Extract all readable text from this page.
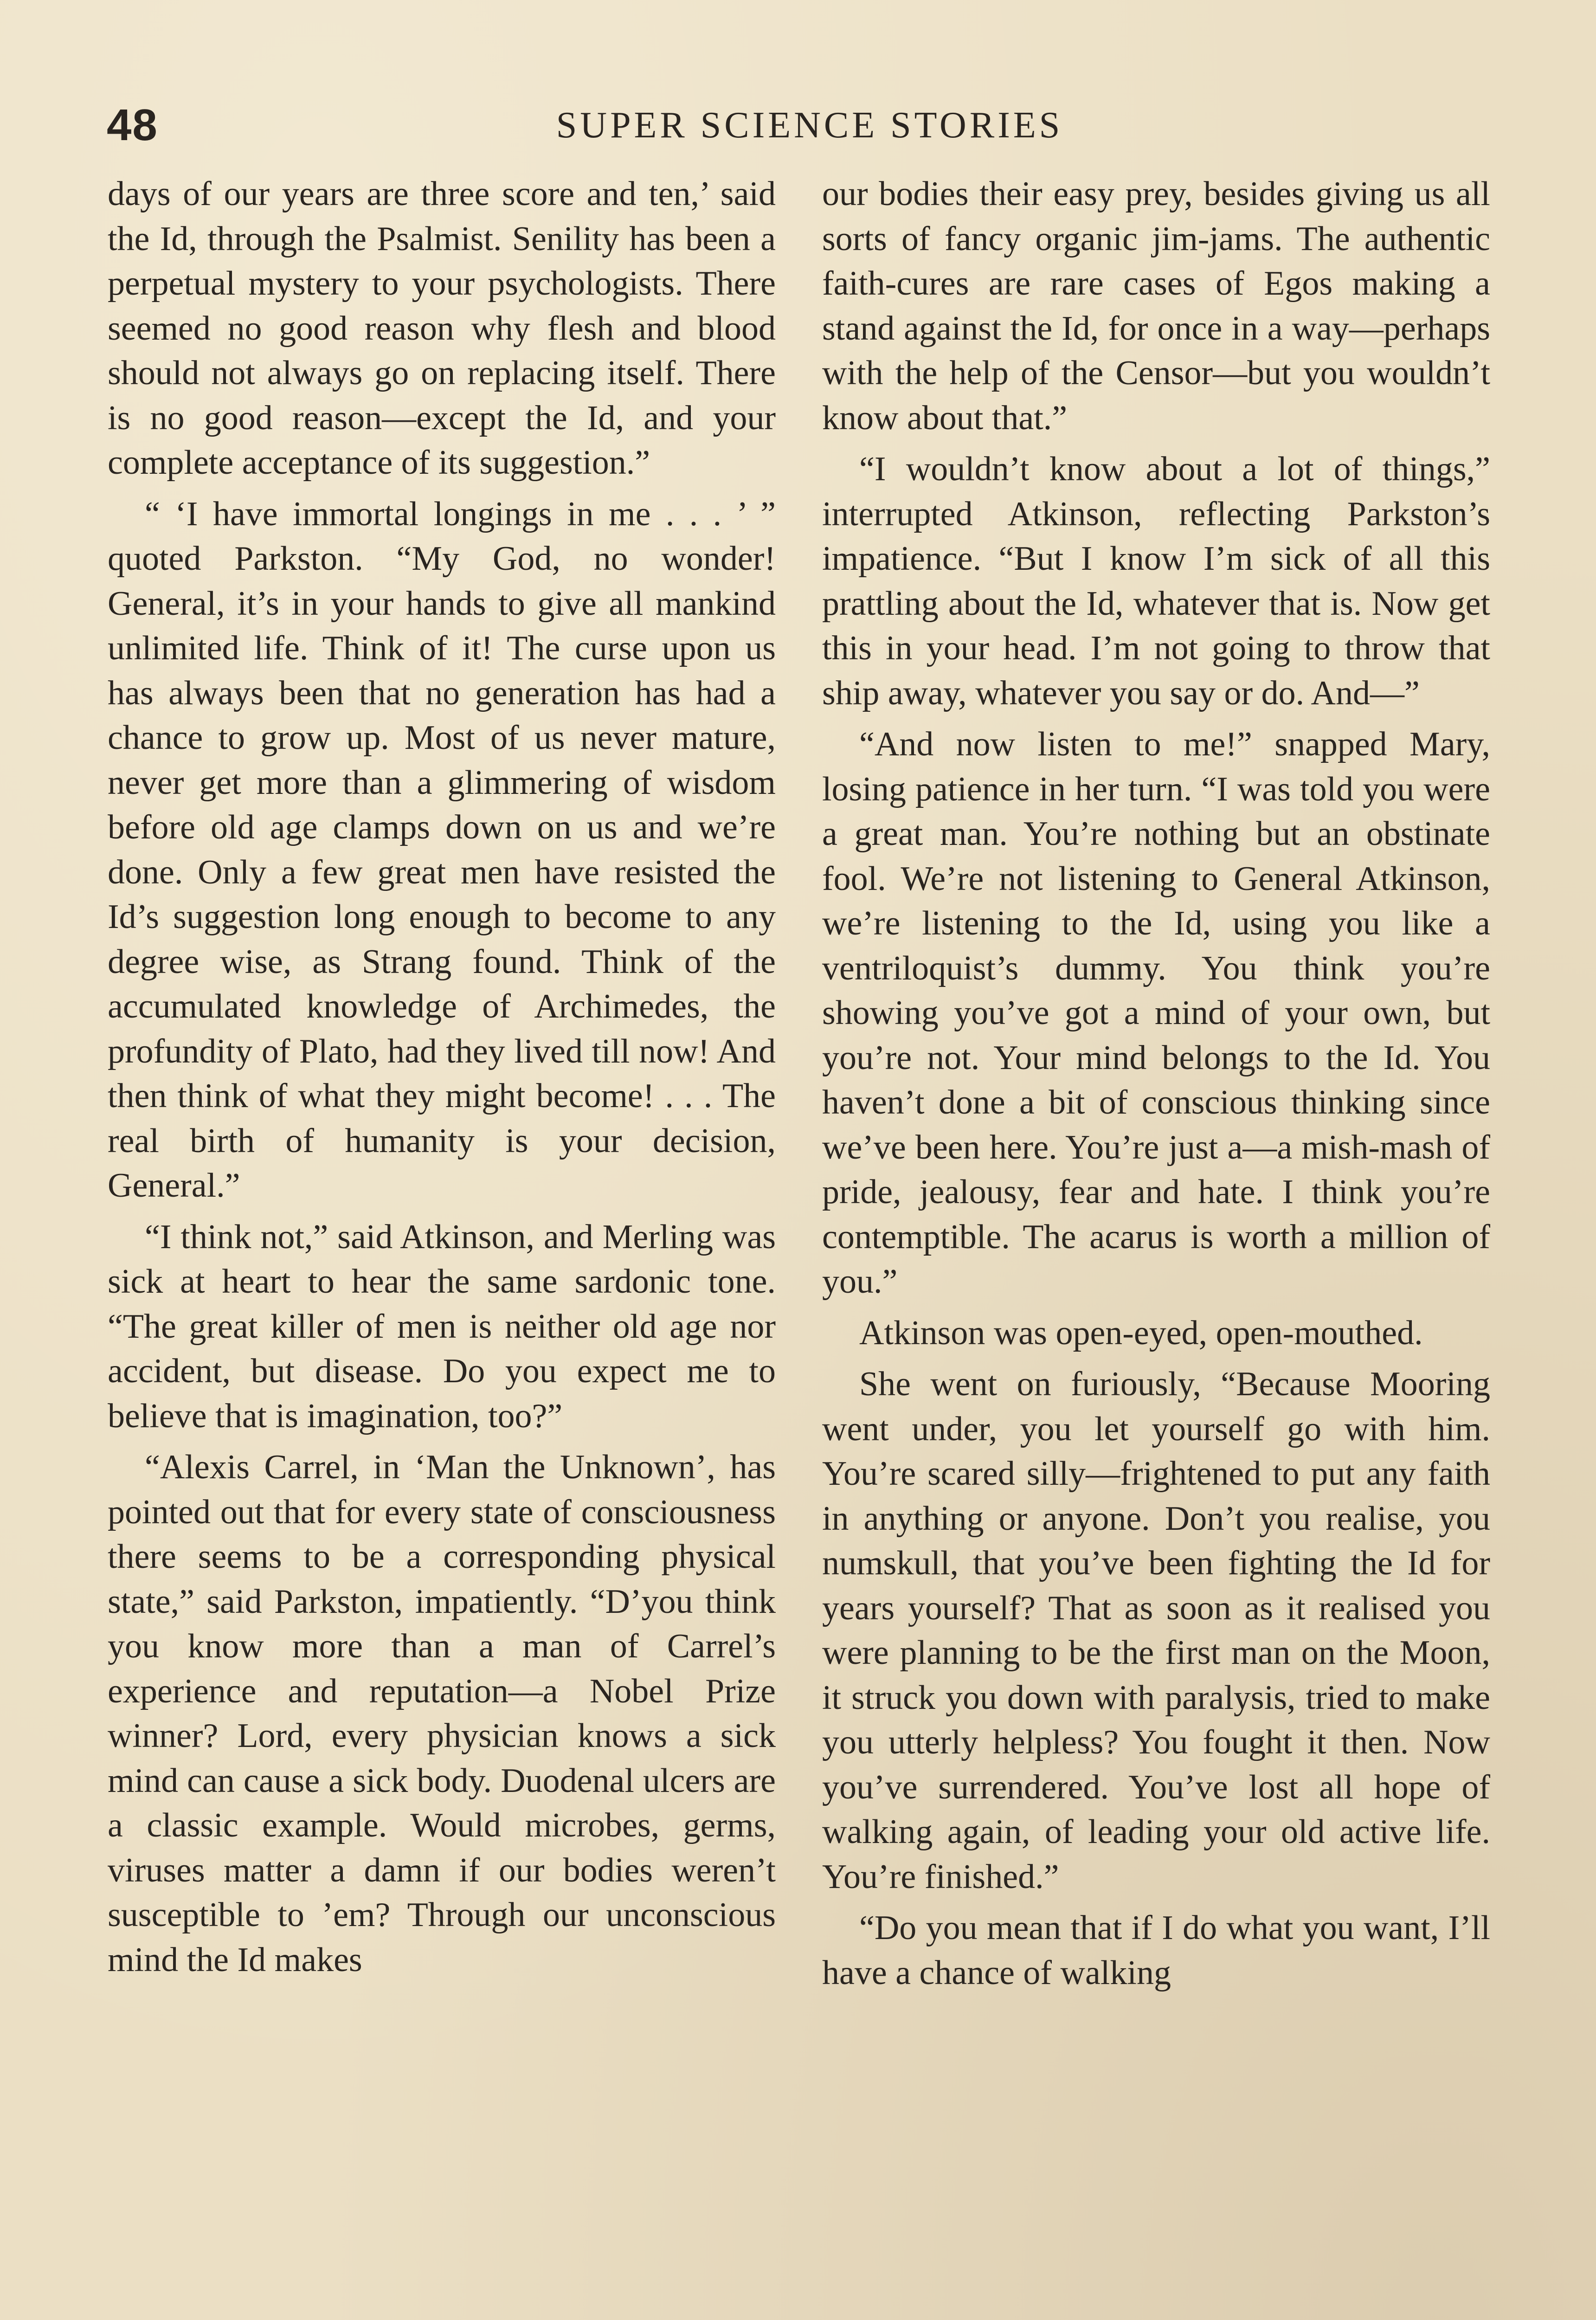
48	SUPER SCIENCE STORIES

days of our years are three score and ten,’ said the Id, through the Psalmist. Senility has been a perpetual mystery to your psychologists. There seemed no good reason why flesh and blood should not always go on replacing itself. There is no good reason—except the Id, and your complete acceptance of its suggestion.”

“ ‘I have immortal longings in me . . . ’ ” quoted Parkston. “My God, no wonder! General, it’s in your hands to give all mankind unlimited life. Think of it! The curse upon us has always been that no generation has had a chance to grow up. Most of us never mature, never get more than a glimmering of wisdom before old age clamps down on us and we’re done. Only a few great men have resisted the Id’s suggestion long enough to become to any degree wise, as Strang found. Think of the accumulated knowledge of Archimedes, the profundity of Plato, had they lived till now! And then think of what they might become! . . . The real birth of humanity is your decision, General.”

“I think not,” said Atkinson, and Merling was sick at heart to hear the same sardonic tone. “The great killer of men is neither old age nor accident, but disease. Do you expect me to believe that is imagination, too?”

“Alexis Carrel, in ‘Man the Unknown’, has pointed out that for every state of consciousness there seems to be a corresponding physical state,” said Parkston, impatiently. “D’you think you know more than a man of Carrel’s experience and reputation—a Nobel Prize winner? Lord, every physician knows a sick mind can cause a sick body. Duodenal ulcers are a classic example. Would microbes, germs, viruses matter a damn if our bodies weren’t susceptible to ’em? Through our unconscious mind the Id makes

our bodies their easy prey, besides giving us all sorts of fancy organic jim-jams. The authentic faith-cures are rare cases of Egos making a stand against the Id, for once in a way—perhaps with the help of the Censor—but you wouldn’t know about that.”

“I wouldn’t know about a lot of things,” interrupted Atkinson, reflecting Parkston’s impatience. “But I know I’m sick of all this prattling about the Id, whatever that is. Now get this in your head. I’m not going to throw that ship away, whatever you say or do. And—”

“And now listen to me!” snapped Mary, losing patience in her turn. “I was told you were a great man. You’re nothing but an obstinate fool. We’re not listening to General Atkinson, we’re listening to the Id, using you like a ventriloquist’s dummy. You think you’re showing you’ve got a mind of your own, but you’re not. Your mind belongs to the Id. You haven’t done a bit of conscious thinking since we’ve been here. You’re just a—a mish-mash of pride, jealousy, fear and hate. I think you’re contemptible. The acarus is worth a million of you.”

Atkinson was open-eyed, open-mouthed.

She went on furiously, “Because Mooring went under, you let yourself go with him. You’re scared silly—frightened to put any faith in anything or anyone. Don’t you realise, you numskull, that you’ve been fighting the Id for years yourself? That as soon as it realised you were planning to be the first man on the Moon, it struck you down with paralysis, tried to make you utterly helpless? You fought it then. Now you’ve surrendered. You’ve lost all hope of walking again, of leading your old active life. You’re finished.”

“Do you mean that if I do what you want, I’ll have a chance of walking
